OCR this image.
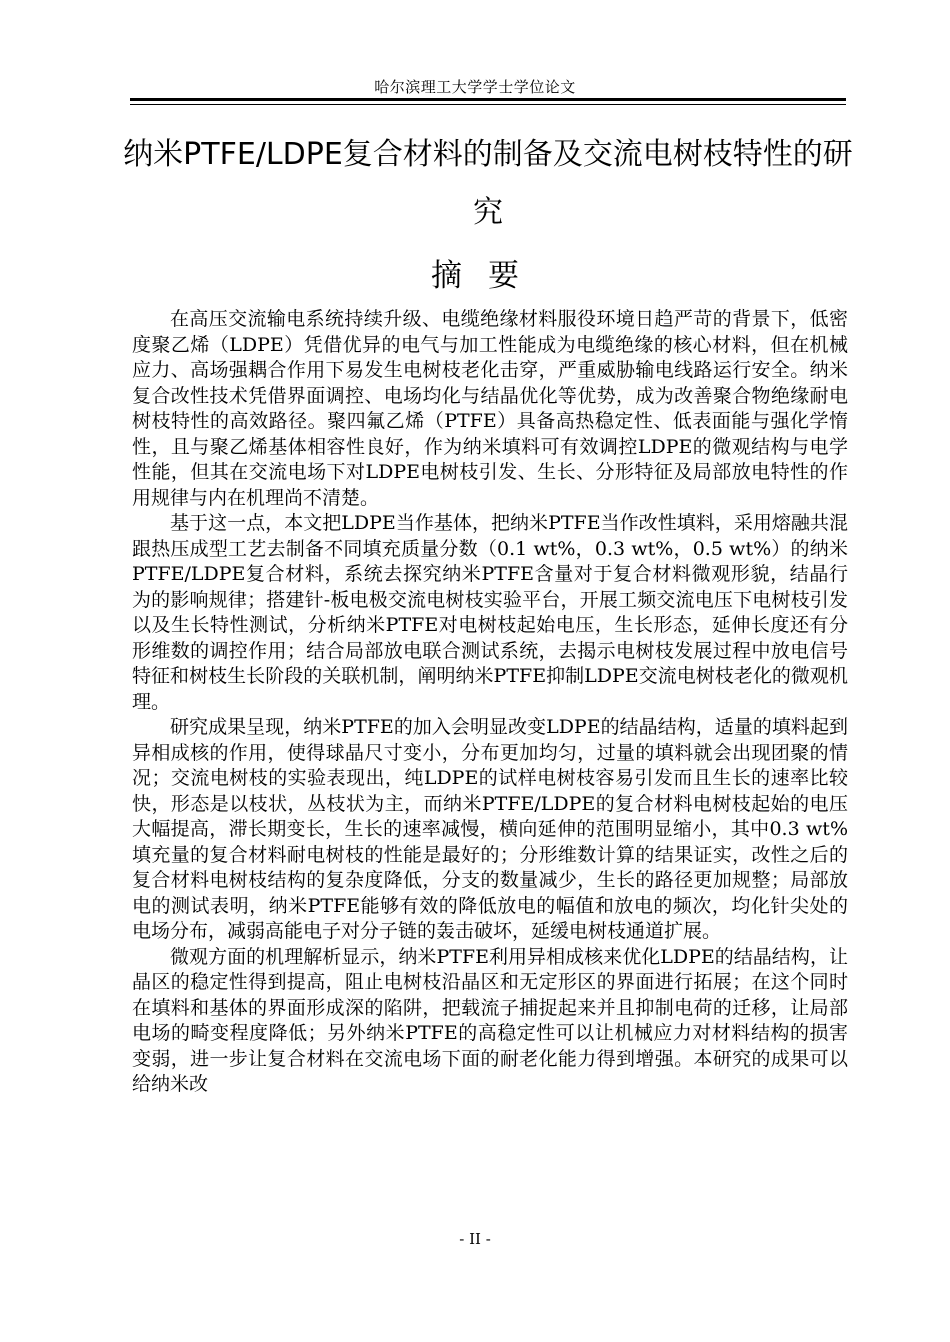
哈尔滨理工大学学士学位论文
纳米PTFE/LDPE复合材料的制备及交流电树枝特性的研究
摘要

在高压交流输电系统持续升级、电缆绝缘材料服役环境日趋严苛的背景下，低密度聚乙烯（LDPE）凭借优异的电气与加工性能成为电缆绝缘的核心材料，但在机械应力、高场强耦合作用下易发生电树枝老化击穿，严重威胁输电线路运行安全。纳米复合改性技术凭借界面调控、电场均化与结晶优化等优势，成为改善聚合物绝缘耐电树枝特性的高效路径。聚四氟乙烯（PTFE）具备高热稳定性、低表面能与强化学惰性，且与聚乙烯基体相容性良好，作为纳米填料可有效调控LDPE的微观结构与电学性能，但其在交流电场下对LDPE电树枝引发、生长、分形特征及局部放电特性的作用规律与内在机理尚不清楚。

基于这一点，本文把LDPE当作基体，把纳米PTFE当作改性填料，采用熔融共混跟热压成型工艺去制备不同填充质量分数（0.1 wt%，0.3 wt%，0.5 wt%）的纳米PTFE/LDPE复合材料，系统去探究纳米PTFE含量对于复合材料微观形貌，结晶行为的影响规律；搭建针-板电极交流电树枝实验平台，开展工频交流电压下电树枝引发以及生长特性测试，分析纳米PTFE对电树枝起始电压，生长形态，延伸长度还有分形维数的调控作用；结合局部放电联合测试系统，去揭示电树枝发展过程中放电信号特征和树枝生长阶段的关联机制，阐明纳米PTFE抑制LDPE交流电树枝老化的微观机理。

研究成果呈现，纳米PTFE的加入会明显改变LDPE的结晶结构，适量的填料起到异相成核的作用，使得球晶尺寸变小，分布更加均匀，过量的填料就会出现团聚的情况；交流电树枝的实验表现出，纯LDPE的试样电树枝容易引发而且生长的速率比较快，形态是以枝状，丛枝状为主，而纳米PTFE/LDPE的复合材料电树枝起始的电压大幅提高，滞长期变长，生长的速率减慢，横向延伸的范围明显缩小，其中0.3 wt%填充量的复合材料耐电树枝的性能是最好的；分形维数计算的结果证实，改性之后的复合材料电树枝结构的复杂度降低，分支的数量减少，生长的路径更加规整；局部放电的测试表明，纳米PTFE能够有效的降低放电的幅值和放电的频次，均化针尖处的电场分布，减弱高能电子对分子链的轰击破坏，延缓电树枝通道扩展。

微观方面的机理解析显示，纳米PTFE利用异相成核来优化LDPE的结晶结构，让晶区的稳定性得到提高，阻止电树枝沿晶区和无定形区的界面进行拓展；在这个同时在填料和基体的界面形成深的陷阱，把载流子捕捉起来并且抑制电荷的迁移，让局部电场的畸变程度降低；另外纳米PTFE的高稳定性可以让机械应力对材料结构的损害变弱，进一步让复合材料在交流电场下面的耐老化能力得到增强。本研究的成果可以给纳米改

- II -
